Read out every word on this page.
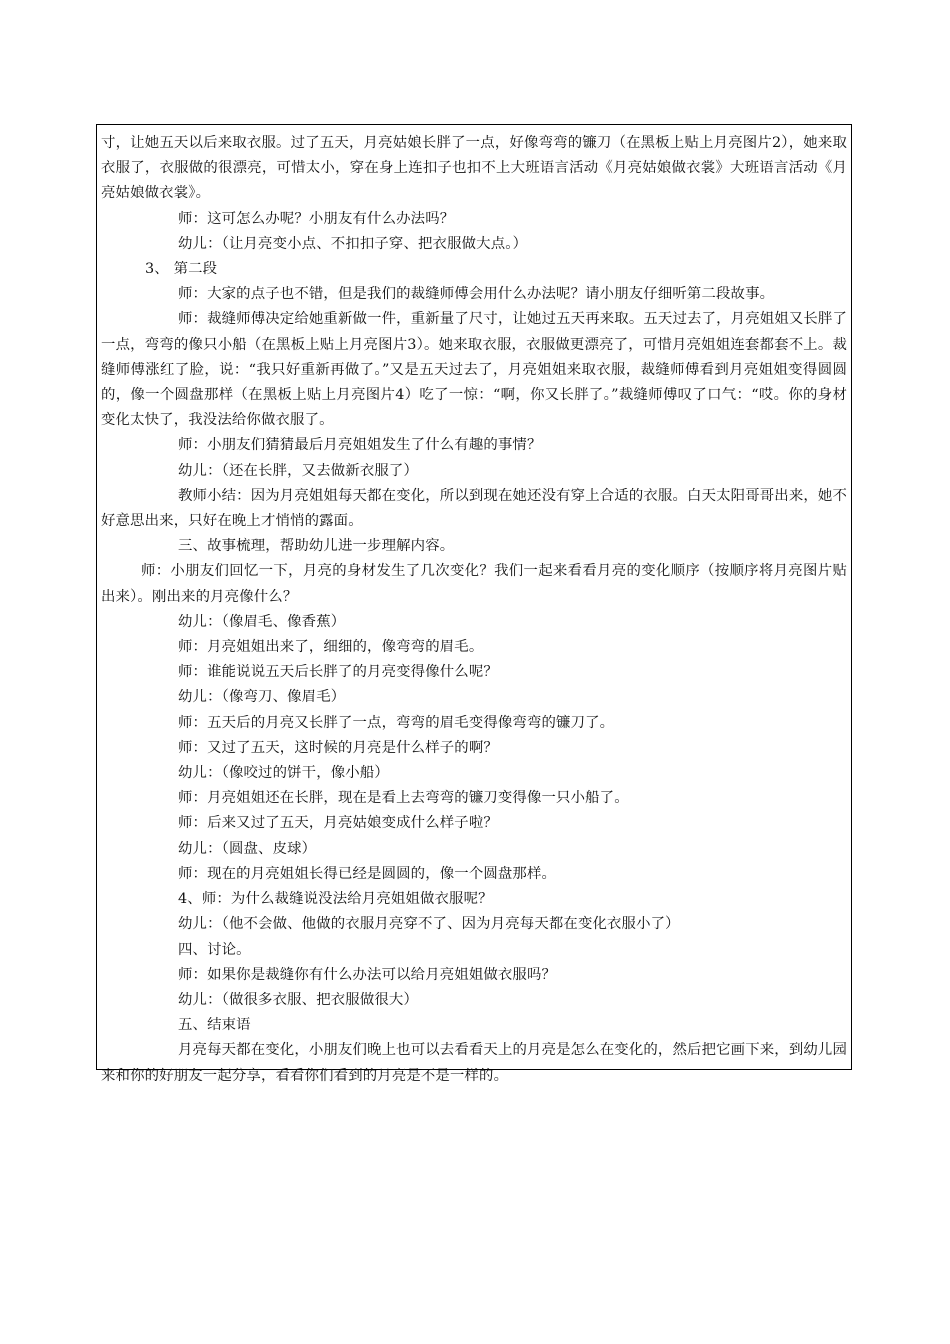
寸，让她五天以后来取衣服。过了五天，月亮姑娘长胖了一点，好像弯弯的镰刀（在黑板上贴上月亮图片2），她来取衣服了，衣服做的很漂亮，可惜太小，穿在身上连扣子也扣不上大班语言活动《月亮姑娘做衣裳》大班语言活动《月亮姑娘做衣裳》。

师：这可怎么办呢？小朋友有什么办法吗？

幼儿：（让月亮变小点、不扣扣子穿、把衣服做大点。）

3、 第二段

师：大家的点子也不错，但是我们的裁缝师傅会用什么办法呢？请小朋友仔细听第二段故事。

师：裁缝师傅决定给她重新做一件，重新量了尺寸，让她过五天再来取。五天过去了，月亮姐姐又长胖了一点，弯弯的像只小船（在黑板上贴上月亮图片3）。她来取衣服，衣服做更漂亮了，可惜月亮姐姐连套都套不上。裁缝师傅涨红了脸，说：“我只好重新再做了。”又是五天过去了，月亮姐姐来取衣服，裁缝师傅看到月亮姐姐变得圆圆的，像一个圆盘那样（在黑板上贴上月亮图片4）吃了一惊：“啊，你又长胖了。”裁缝师傅叹了口气：“哎。你的身材变化太快了，我没法给你做衣服了。

师：小朋友们猜猜最后月亮姐姐发生了什么有趣的事情？

幼儿：（还在长胖，又去做新衣服了）

教师小结：因为月亮姐姐每天都在变化，所以到现在她还没有穿上合适的衣服。白天太阳哥哥出来，她不好意思出来，只好在晚上才悄悄的露面。

三、故事梳理，帮助幼儿进一步理解内容。

师：小朋友们回忆一下，月亮的身材发生了几次变化？我们一起来看看月亮的变化顺序（按顺序将月亮图片贴出来）。刚出来的月亮像什么？

幼儿：（像眉毛、像香蕉）

师：月亮姐姐出来了，细细的，像弯弯的眉毛。

师：谁能说说五天后长胖了的月亮变得像什么呢？

幼儿：（像弯刀、像眉毛）

师：五天后的月亮又长胖了一点，弯弯的眉毛变得像弯弯的镰刀了。

师：又过了五天，这时候的月亮是什么样子的啊？

幼儿：（像咬过的饼干，像小船）

师：月亮姐姐还在长胖，现在是看上去弯弯的镰刀变得像一只小船了。

师：后来又过了五天，月亮姑娘变成什么样子啦？

幼儿：（圆盘、皮球）

师：现在的月亮姐姐长得已经是圆圆的，像一个圆盘那样。

4、师：为什么裁缝说没法给月亮姐姐做衣服呢？

幼儿：（他不会做、他做的衣服月亮穿不了、因为月亮每天都在变化衣服小了）

四、讨论。

师：如果你是裁缝你有什么办法可以给月亮姐姐做衣服吗？

幼儿：（做很多衣服、把衣服做很大）

五、结束语

月亮每天都在变化，小朋友们晚上也可以去看看天上的月亮是怎么在变化的，然后把它画下来，到幼儿园来和你的好朋友一起分享，看看你们看到的月亮是不是一样的。
